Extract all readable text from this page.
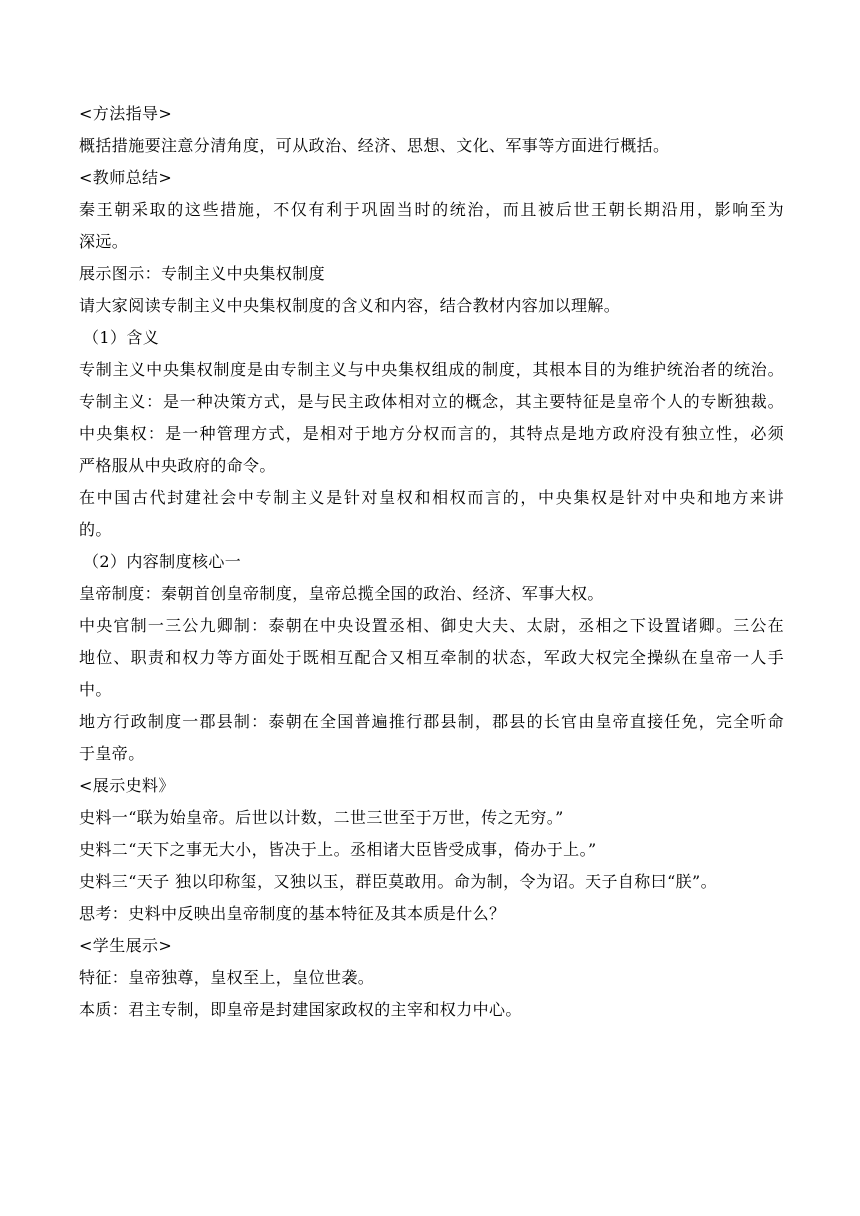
<方法指导>
概括措施要注意分清角度，可从政治、经济、思想、文化、军事等方面进行概括。
<教师总结>
秦王朝采取的这些措施，不仅有利于巩固当时的统治，而且被后世王朝长期沿用，影响至为
深远。
展示图示：专制主义中央集权制度
请大家阅读专制主义中央集权制度的含义和内容，结合教材内容加以理解。
（1）含义
专制主义中央集权制度是由专制主义与中央集权组成的制度，其根本目的为维护统治者的统治。
专制主义：是一种决策方式，是与民主政体相对立的概念，其主要特征是皇帝个人的专断独裁。
中央集权：是一种管理方式，是相对于地方分权而言的，其特点是地方政府没有独立性，必须
严格服从中央政府的命令。
在中国古代封建社会中专制主义是针对皇权和相权而言的，中央集权是针对中央和地方来讲
的。
（2）内容制度核心一
皇帝制度：秦朝首创皇帝制度，皇帝总揽全国的政治、经济、军事大权。
中央官制一三公九卿制：泰朝在中央设置丞相、御史大夫、太尉，丞相之下设置诸卿。三公在
地位、职责和权力等方面处于既相互配合又相互牵制的状态，军政大权完全操纵在皇帝一人手
中。
地方行政制度一郡县制：泰朝在全国普遍推行郡县制，郡县的长官由皇帝直接任免，完全听命
于皇帝。
<展示史料》
史料一“联为始皇帝。后世以计数，二世三世至于万世，传之无穷。”
史料二“天下之事无大小，皆决于上。丞相诸大臣皆受成事，倚办于上。”
史料三“天子 独以印称玺，又独以玉，群臣莫敢用。命为制，令为诏。天子自称曰“朕”。
思考：史料中反映出皇帝制度的基本特征及其本质是什么？
<学生展示>
特征：皇帝独尊，皇权至上，皇位世袭。
本质：君主专制，即皇帝是封建国家政权的主宰和权力中心。
